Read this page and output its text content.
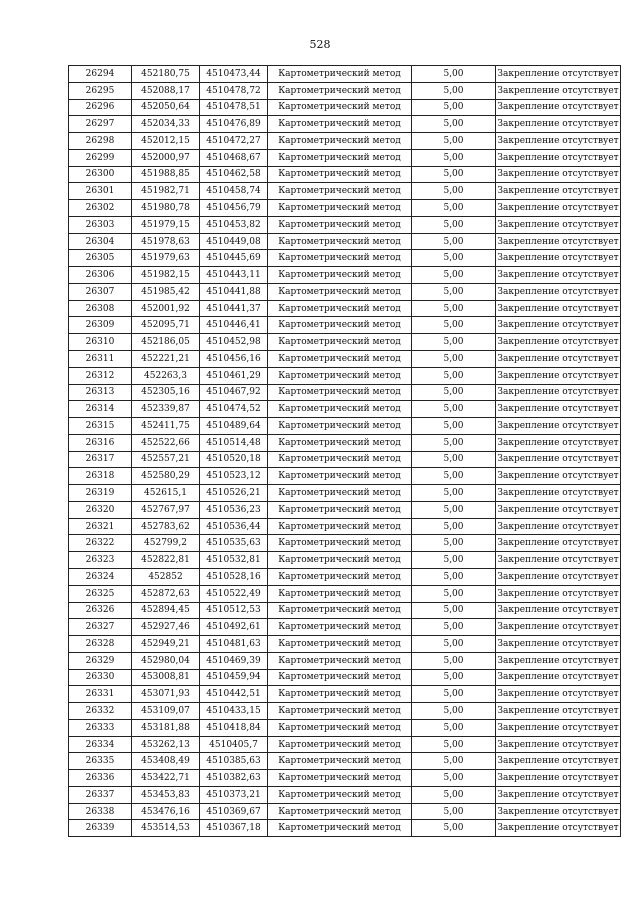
528
26294	452180,75	4510473,44	Картометрический метод	5,00	Закрепление отсутствует
26295	452088,17	4510478,72	Картометрический метод	5,00	Закрепление отсутствует
26296	452050,64	4510478,51	Картометрический метод	5,00	Закрепление отсутствует
26297	452034,33	4510476,89	Картометрический метод	5,00	Закрепление отсутствует
26298	452012,15	4510472,27	Картометрический метод	5,00	Закрепление отсутствует
26299	452000,97	4510468,67	Картометрический метод	5,00	Закрепление отсутствует
26300	451988,85	4510462,58	Картометрический метод	5,00	Закрепление отсутствует
26301	451982,71	4510458,74	Картометрический метод	5,00	Закрепление отсутствует
26302	451980,78	4510456,79	Картометрический метод	5,00	Закрепление отсутствует
26303	451979,15	4510453,82	Картометрический метод	5,00	Закрепление отсутствует
26304	451978,63	4510449,08	Картометрический метод	5,00	Закрепление отсутствует
26305	451979,63	4510445,69	Картометрический метод	5,00	Закрепление отсутствует
26306	451982,15	4510443,11	Картометрический метод	5,00	Закрепление отсутствует
26307	451985,42	4510441,88	Картометрический метод	5,00	Закрепление отсутствует
26308	452001,92	4510441,37	Картометрический метод	5,00	Закрепление отсутствует
26309	452095,71	4510446,41	Картометрический метод	5,00	Закрепление отсутствует
26310	452186,05	4510452,98	Картометрический метод	5,00	Закрепление отсутствует
26311	452221,21	4510456,16	Картометрический метод	5,00	Закрепление отсутствует
26312	452263,3	4510461,29	Картометрический метод	5,00	Закрепление отсутствует
26313	452305,16	4510467,92	Картометрический метод	5,00	Закрепление отсутствует
26314	452339,87	4510474,52	Картометрический метод	5,00	Закрепление отсутствует
26315	452411,75	4510489,64	Картометрический метод	5,00	Закрепление отсутствует
26316	452522,66	4510514,48	Картометрический метод	5,00	Закрепление отсутствует
26317	452557,21	4510520,18	Картометрический метод	5,00	Закрепление отсутствует
26318	452580,29	4510523,12	Картометрический метод	5,00	Закрепление отсутствует
26319	452615,1	4510526,21	Картометрический метод	5,00	Закрепление отсутствует
26320	452767,97	4510536,23	Картометрический метод	5,00	Закрепление отсутствует
26321	452783,62	4510536,44	Картометрический метод	5,00	Закрепление отсутствует
26322	452799,2	4510535,63	Картометрический метод	5,00	Закрепление отсутствует
26323	452822,81	4510532,81	Картометрический метод	5,00	Закрепление отсутствует
26324	452852	4510528,16	Картометрический метод	5,00	Закрепление отсутствует
26325	452872,63	4510522,49	Картометрический метод	5,00	Закрепление отсутствует
26326	452894,45	4510512,53	Картометрический метод	5,00	Закрепление отсутствует
26327	452927,46	4510492,61	Картометрический метод	5,00	Закрепление отсутствует
26328	452949,21	4510481,63	Картометрический метод	5,00	Закрепление отсутствует
26329	452980,04	4510469,39	Картометрический метод	5,00	Закрепление отсутствует
26330	453008,81	4510459,94	Картометрический метод	5,00	Закрепление отсутствует
26331	453071,93	4510442,51	Картометрический метод	5,00	Закрепление отсутствует
26332	453109,07	4510433,15	Картометрический метод	5,00	Закрепление отсутствует
26333	453181,88	4510418,84	Картометрический метод	5,00	Закрепление отсутствует
26334	453262,13	4510405,7	Картометрический метод	5,00	Закрепление отсутствует
26335	453408,49	4510385,63	Картометрический метод	5,00	Закрепление отсутствует
26336	453422,71	4510382,63	Картометрический метод	5,00	Закрепление отсутствует
26337	453453,83	4510373,21	Картометрический метод	5,00	Закрепление отсутствует
26338	453476,16	4510369,67	Картометрический метод	5,00	Закрепление отсутствует
26339	453514,53	4510367,18	Картометрический метод	5,00	Закрепление отсутствует
